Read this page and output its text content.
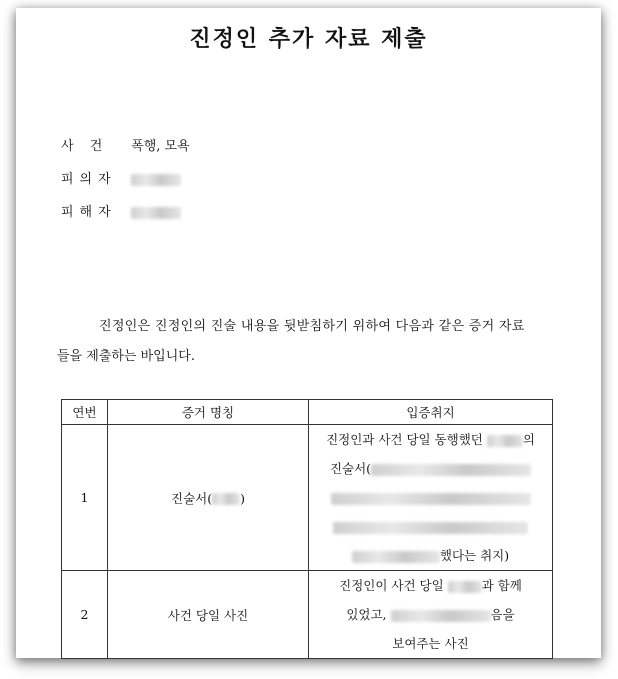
진정인 추가 자료 제출
사 건 폭행, 모욕
피의자
피해자
진정인은 진정인의 진술 내용을 뒷받침하기 위하여 다음과 같은 증거 자료
들을 제출하는 바입니다.
연번	증거 명칭	입증취지
1	진술서( )	진정인과 사건 당일 동행했던 의
진술서(
했다는 취지)

2	사건 당일 사진	진정인이 사건 당일 과 함께
있었고, 음을
보여주는 사진
